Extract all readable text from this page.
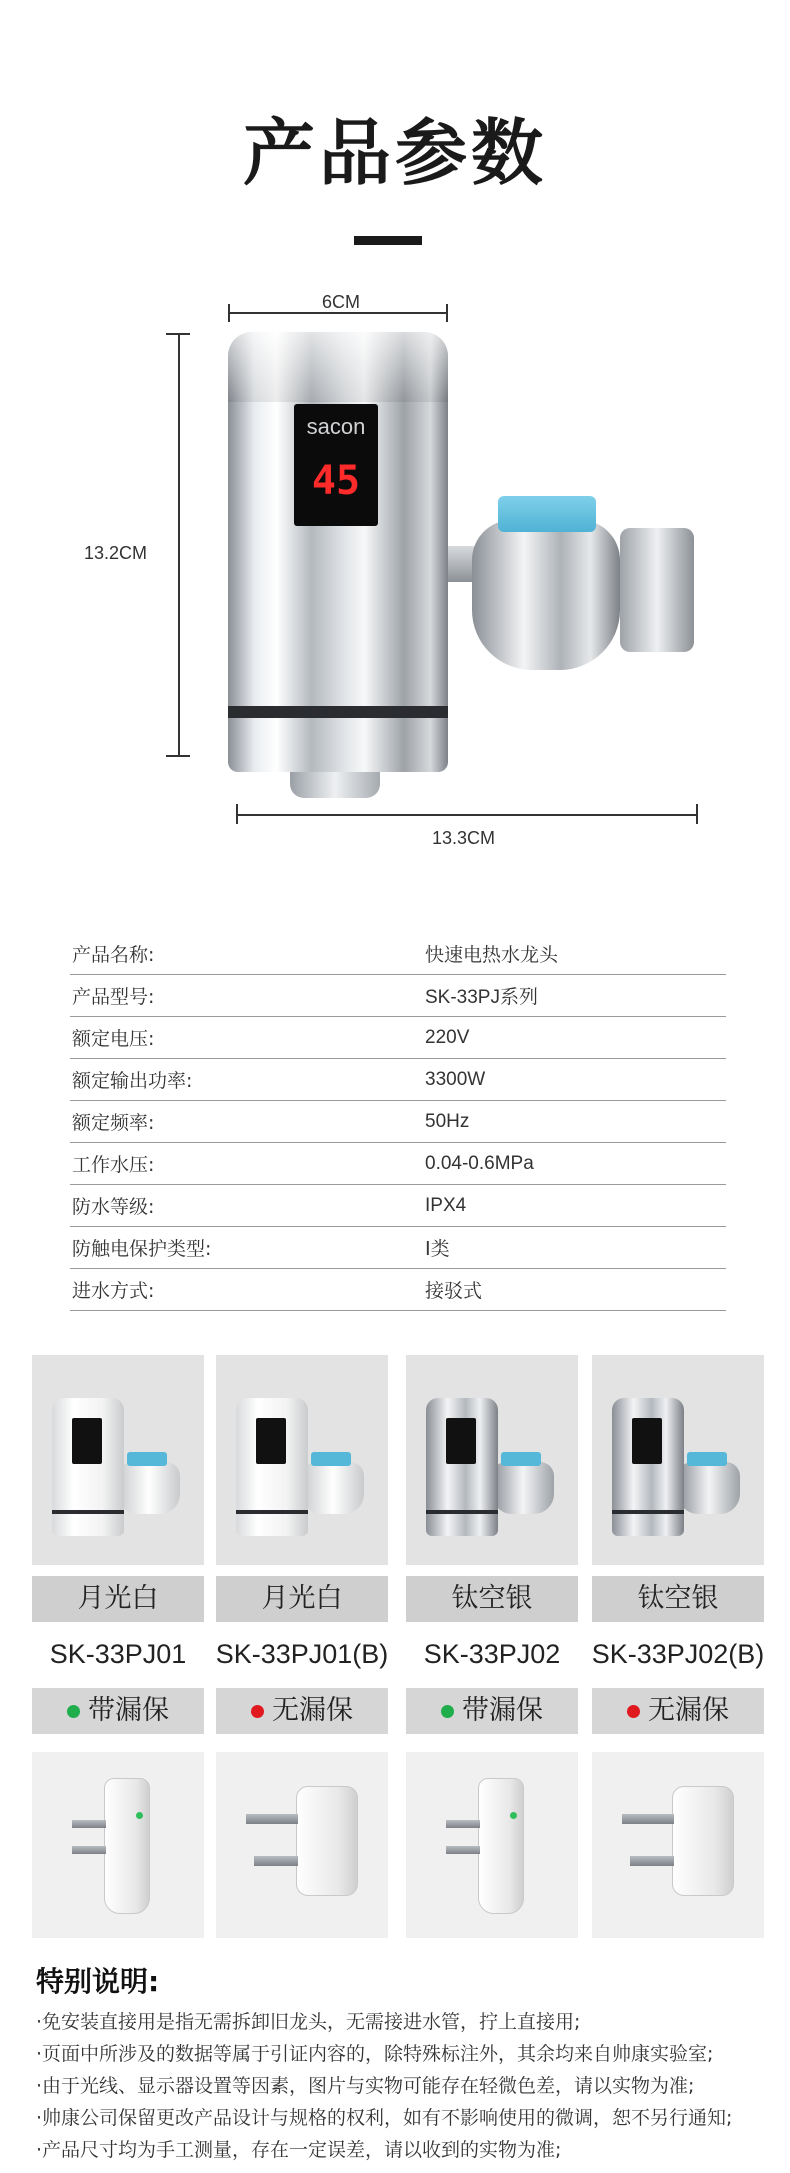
产品参数
6CM
13.2CM
13.3CM
sacon
45
产品名称:	快速电热水龙头
产品型号:	SK-33PJ系列
额定电压:	220V
额定输出功率:	3300W
额定频率:	50Hz
工作水压:	0.04-0.6MPa
防水等级:	IPX4
防触电保护类型:	Ⅰ类
进水方式:	接驳式
月光白
SK-33PJ01
带漏保
月光白
SK-33PJ01(B)
无漏保
钛空银
SK-33PJ02
带漏保
钛空银
SK-33PJ02(B)
无漏保
特别说明:
·免安装直接用是指无需拆卸旧龙头，无需接进水管，拧上直接用;
·页面中所涉及的数据等属于引证内容的，除特殊标注外，其余均来自帅康实验室;
·由于光线、显示器设置等因素，图片与实物可能存在轻微色差，请以实物为准;
·帅康公司保留更改产品设计与规格的权利，如有不影响使用的微调，恕不另行通知;
·产品尺寸均为手工测量，存在一定误差，请以收到的实物为准;
